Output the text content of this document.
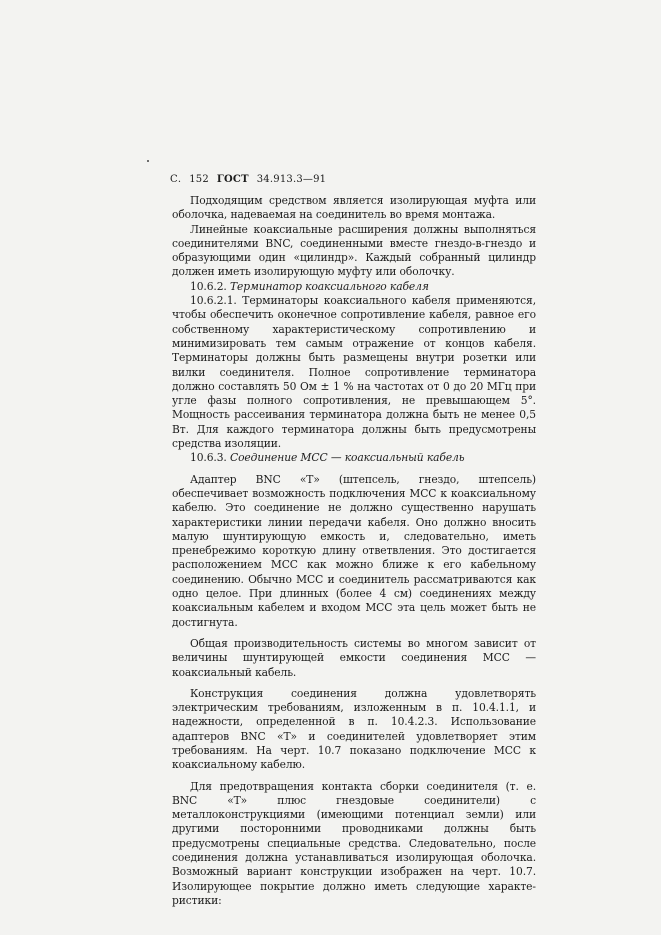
С. 152 ГОСТ 34.913.3—91

Подходящим средством является изолирующая муфта или оболочка, надеваемая на соединитель во время монтажа.

Линейные коаксиальные расширения должны выполняться соединителями BNC, соединенными вместе гнездо-в-гнездо и образующими один «цилиндр». Каждый собранный цилиндр должен иметь изолирующую муфту или оболочку.

10.6.2. Терминатор коаксиального кабеля

10.6.2.1. Терминаторы коаксиального кабеля применяются, чтобы обеспечить оконечное сопротивление кабеля, равное его собственному характеристическому сопротивлению и минимизировать тем самым отражение от концов кабеля. Терминаторы должны быть размещены внутри розетки или вилки соединителя. Полное сопротивление терминатора должно составлять 50 Ом ± 1 % на частотах от 0 до 20 МГц при угле фазы полного сопротивления, не превышающем 5°. Мощность рассеивания терминатора должна быть не менее 0,5 Вт. Для каждого терминатора должны быть предусмотрены средства изоляции.

10.6.3. Соединение МСС — коаксиальный кабель

Адаптер BNC «Т» (штепсель, гнездо, штепсель) обеспечивает возможность подключения МСС к коаксиальному кабелю. Это соединение не должно существенно нарушать характеристики линии передачи кабеля. Оно должно вносить малую шунтирующую емкость и, следовательно, иметь пренебрежимо короткую длину ответвления. Это достигается расположением МСС как можно ближе к его кабельному соединению. Обычно МСС и соединитель рассматриваются как одно целое. При длинных (более 4 см) соединениях между коаксиальным кабелем и входом МСС эта цель может быть не достигнута.

Общая производительность системы во многом зависит от величины шунтирующей емкости соединения МСС — коаксиальный кабель.

Конструкция соединения должна удовлетворять электрическим требованиям, изложенным в п. 10.4.1.1, и надежности, определенной в п. 10.4.2.3. Использование адаптеров BNC «Т» и соединителей удовлетворяет этим требованиям. На черт. 10.7 показано подключение МСС к коаксиальному кабелю.

Для предотвращения контакта сборки соединителя (т. е. BNC «Т» плюс гнездовые соединители) с металлоконструкциями (имеющими потенциал земли) или другими посторонними проводниками должны быть предусмотрены специальные средства. Следовательно, после соединения должна устанавливаться изолирующая оболочка. Возможный вариант конструкции изображен на черт. 10.7. Изолирующее покрытие должно иметь следующие характеристики:
